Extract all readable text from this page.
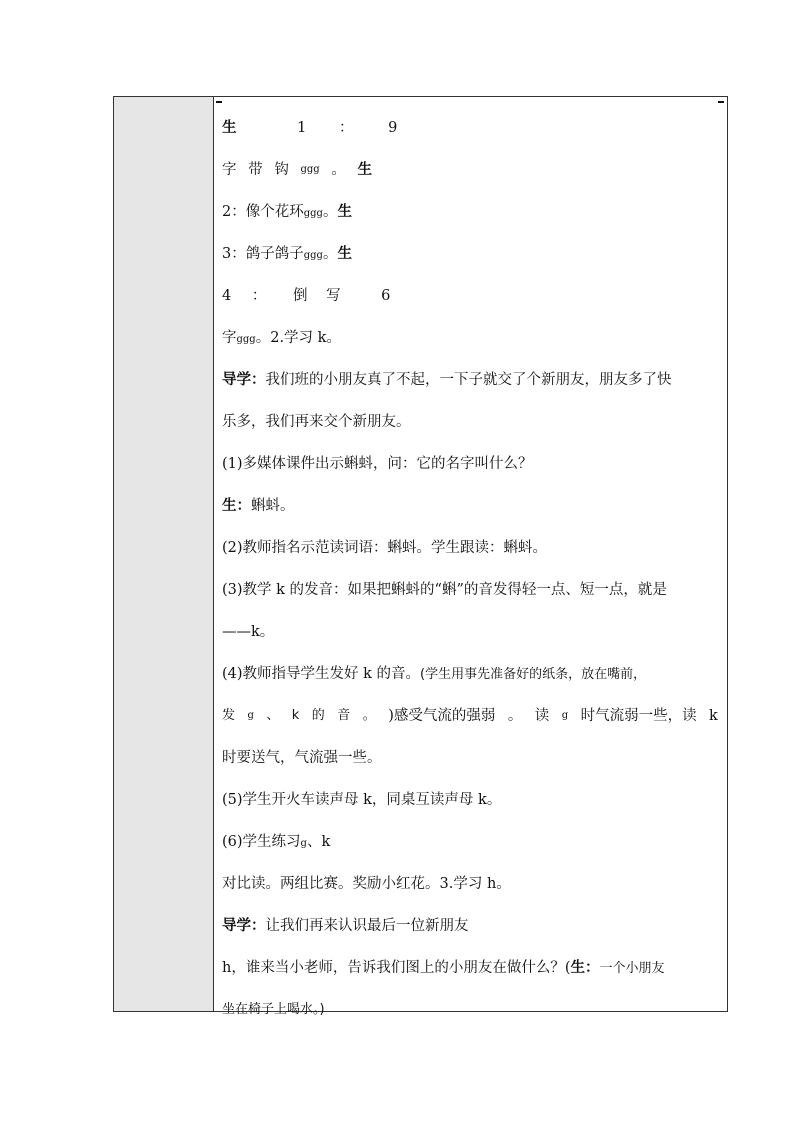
生	1 ： 9
字 带 钩 ggg 。 生
2：像个花环ggg。生
3：鸽子鸽子ggg。生
4 ： 倒 写	6
字ggg。2.学习 k。
导学：我们班的小朋友真了不起，一下子就交了个新朋友，朋友多了快
乐多，我们再来交个新朋友。
(1)多媒体课件出示蝌蚪，问：它的名字叫什么？
生：蝌蚪。
(2)教师指名示范读词语：蝌蚪。学生跟读：蝌蚪。
(3)教学 k 的发音：如果把蝌蚪的“蝌”的音发得轻一点、短一点，就是
——k。
(4)教师指导学生发好 k 的音。(学生用事先准备好的纸条，放在嘴前，
发 g 、 k 的 音 。 )感受气流的强弱 。 读 g 时气流弱一些，读 k
时要送气，气流强一些。
(5)学生开火车读声母 k，同桌互读声母 k。
(6)学生练习g、k
对比读。两组比赛。奖励小红花。3.学习 h。
导学：让我们再来认识最后一位新朋友
h，谁来当小老师，告诉我们图上的小朋友在做什么？(生：一个小朋友
坐在椅子上喝水。)
